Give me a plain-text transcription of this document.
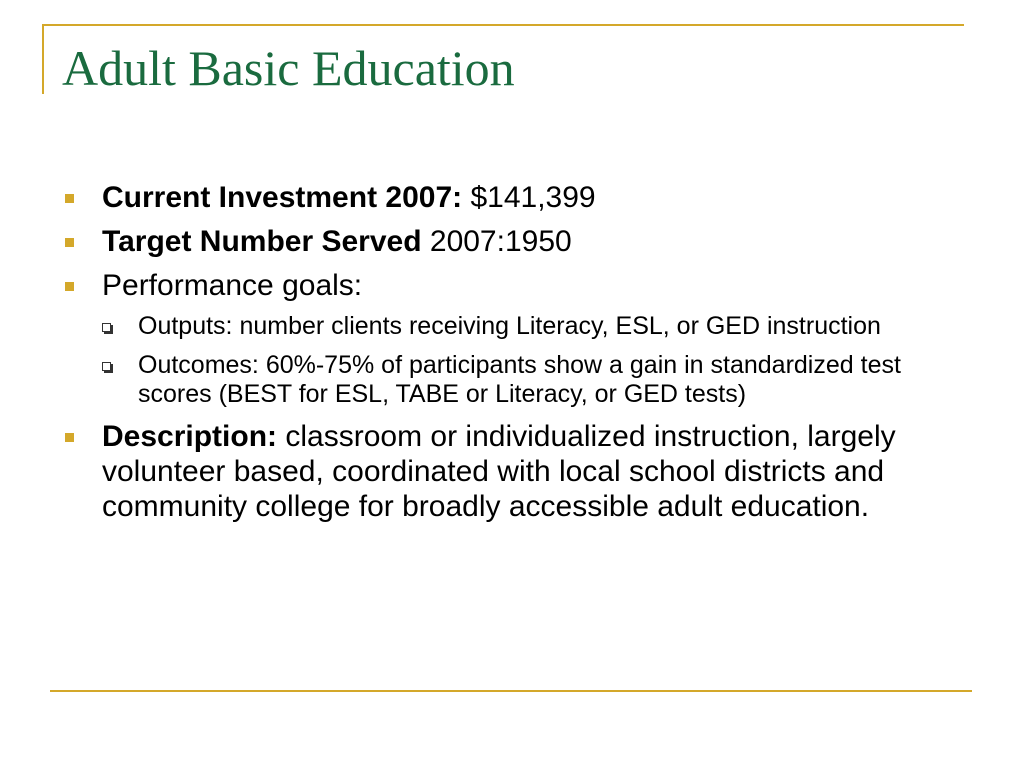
Adult Basic Education
Current Investment 2007: $141,399
Target Number Served 2007:1950
Performance goals:
Outputs: number clients receiving Literacy, ESL, or GED instruction
Outcomes: 60%-75% of participants show a gain in standardized test scores (BEST for ESL, TABE or Literacy, or GED tests)
Description: classroom or individualized instruction, largely volunteer based, coordinated with local school districts and community college for broadly accessible adult education.
